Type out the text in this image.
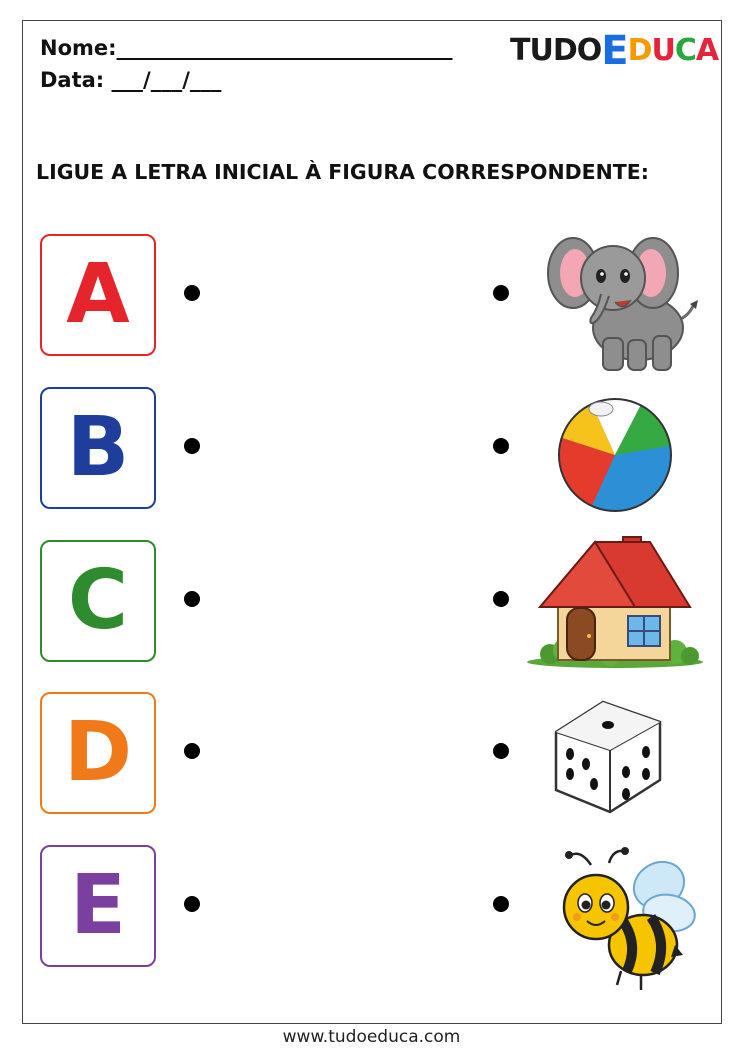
Nome:________________________________
Data: ___/___/___
TUDOEDUCA
LIGUE A LETRA INICIAL À FIGURA CORRESPONDENTE:
A
B
C
D
E
www.tudoeduca.com
